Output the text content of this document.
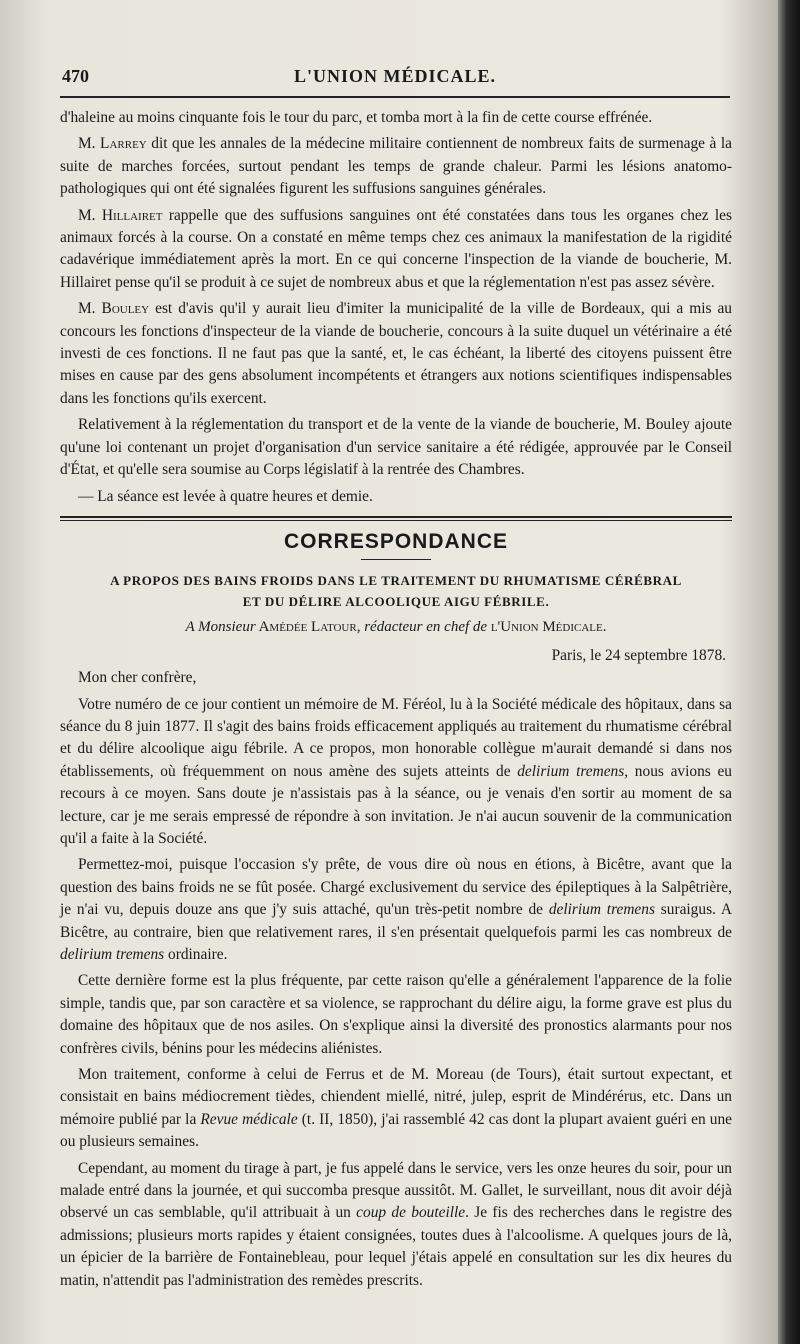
470	L'UNION MÉDICALE.

d'haleine au moins cinquante fois le tour du parc, et tomba mort à la fin de cette course effrénée.

M. Larrey dit que les annales de la médecine militaire contiennent de nombreux faits de surmenage à la suite de marches forcées, surtout pendant les temps de grande chaleur. Parmi les lésions anatomo-pathologiques qui ont été signalées figurent les suffusions sanguines générales.

M. Hillairet rappelle que des suffusions sanguines ont été constatées dans tous les organes chez les animaux forcés à la course. On a constaté en même temps chez ces animaux la manifestation de la rigidité cadavérique immédiatement après la mort. En ce qui concerne l'inspection de la viande de boucherie, M. Hillairet pense qu'il se produit à ce sujet de nombreux abus et que la réglementation n'est pas assez sévère.

M. Bouley est d'avis qu'il y aurait lieu d'imiter la municipalité de la ville de Bordeaux, qui a mis au concours les fonctions d'inspecteur de la viande de boucherie, concours à la suite duquel un vétérinaire a été investi de ces fonctions. Il ne faut pas que la santé, et, le cas échéant, la liberté des citoyens puissent être mises en cause par des gens absolument incompétents et étrangers aux notions scientifiques indispensables dans les fonctions qu'ils exercent.

Relativement à la réglementation du transport et de la vente de la viande de boucherie, M. Bouley ajoute qu'une loi contenant un projet d'organisation d'un service sanitaire a été rédigée, approuvée par le Conseil d'État, et qu'elle sera soumise au Corps législatif à la rentrée des Chambres.

— La séance est levée à quatre heures et demie.

CORRESPONDANCE
A PROPOS DES BAINS FROIDS DANS LE TRAITEMENT DU RHUMATISME CÉRÉBRAL
ET DU DÉLIRE ALCOOLIQUE AIGU FÉBRILE.
A Monsieur Amédée Latour, rédacteur en chef de l'Union Médicale.
Paris, le 24 septembre 1878.

Mon cher confrère,

Votre numéro de ce jour contient un mémoire de M. Féréol, lu à la Société médicale des hôpitaux, dans sa séance du 8 juin 1877. Il s'agit des bains froids efficacement appliqués au traitement du rhumatisme cérébral et du délire alcoolique aigu fébrile. A ce propos, mon honorable collègue m'aurait demandé si dans nos établissements, où fréquemment on nous amène des sujets atteints de delirium tremens, nous avions eu recours à ce moyen. Sans doute je n'assistais pas à la séance, ou je venais d'en sortir au moment de sa lecture, car je me serais empressé de répondre à son invitation. Je n'ai aucun souvenir de la communication qu'il a faite à la Société.

Permettez-moi, puisque l'occasion s'y prête, de vous dire où nous en étions, à Bicêtre, avant que la question des bains froids ne se fût posée. Chargé exclusivement du service des épileptiques à la Salpêtrière, je n'ai vu, depuis douze ans que j'y suis attaché, qu'un très-petit nombre de delirium tremens suraigus. A Bicêtre, au contraire, bien que relativement rares, il s'en présentait quelquefois parmi les cas nombreux de delirium tremens ordinaire.

Cette dernière forme est la plus fréquente, par cette raison qu'elle a généralement l'apparence de la folie simple, tandis que, par son caractère et sa violence, se rapprochant du délire aigu, la forme grave est plus du domaine des hôpitaux que de nos asiles. On s'explique ainsi la diversité des pronostics alarmants pour nos confrères civils, bénins pour les médecins aliénistes.

Mon traitement, conforme à celui de Ferrus et de M. Moreau (de Tours), était surtout expectant, et consistait en bains médiocrement tièdes, chiendent miellé, nitré, julep, esprit de Mindérérus, etc. Dans un mémoire publié par la Revue médicale (t. II, 1850), j'ai rassemblé 42 cas dont la plupart avaient guéri en une ou plusieurs semaines.

Cependant, au moment du tirage à part, je fus appelé dans le service, vers les onze heures du soir, pour un malade entré dans la journée, et qui succomba presque aussitôt. M. Gallet, le surveillant, nous dit avoir déjà observé un cas semblable, qu'il attribuait à un coup de bouteille. Je fis des recherches dans le registre des admissions; plusieurs morts rapides y étaient consignées, toutes dues à l'alcoolisme. A quelques jours de là, un épicier de la barrière de Fontainebleau, pour lequel j'étais appelé en consultation sur les dix heures du matin, n'attendit pas l'administration des remèdes prescrits.
